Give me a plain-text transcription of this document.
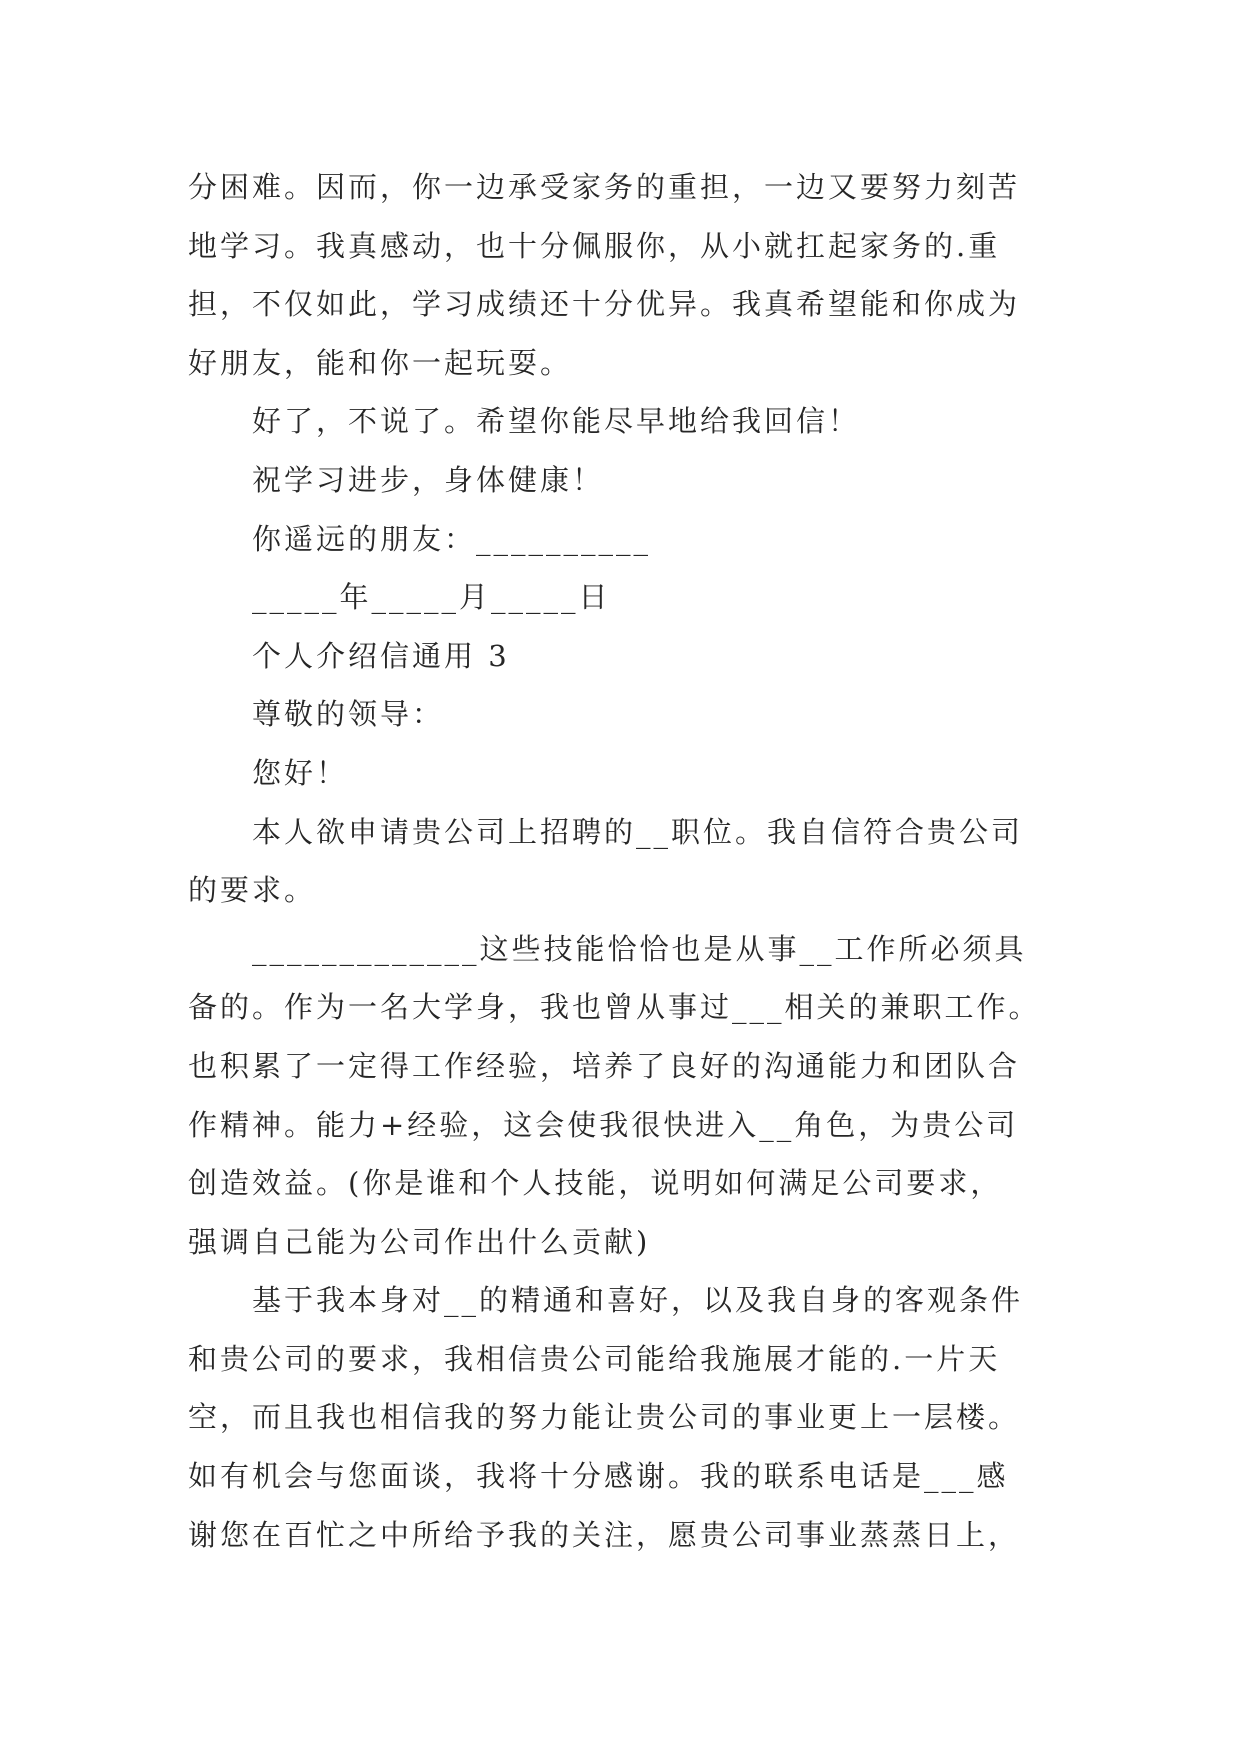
分困难。因而，你一边承受家务的重担，一边又要努力刻苦

地学习。我真感动，也十分佩服你，从小就扛起家务的.重

担，不仅如此，学习成绩还十分优异。我真希望能和你成为

好朋友，能和你一起玩耍。

好了，不说了。希望你能尽早地给我回信！

祝学习进步，身体健康！

你遥远的朋友：__________

_____年_____月_____日

个人介绍信通用 3

尊敬的领导：

您好！

本人欲申请贵公司上招聘的__职位。我自信符合贵公司

的要求。

_____________这些技能恰恰也是从事__工作所必须具

备的。作为一名大学身，我也曾从事过___相关的兼职工作。

也积累了一定得工作经验，培养了良好的沟通能力和团队合

作精神。能力+经验，这会使我很快进入__角色，为贵公司

创造效益。(你是谁和个人技能，说明如何满足公司要求，

强调自己能为公司作出什么贡献)

基于我本身对__的精通和喜好，以及我自身的客观条件

和贵公司的要求，我相信贵公司能给我施展才能的.一片天

空，而且我也相信我的努力能让贵公司的事业更上一层楼。

如有机会与您面谈，我将十分感谢。我的联系电话是___感

谢您在百忙之中所给予我的关注，愿贵公司事业蒸蒸日上，
